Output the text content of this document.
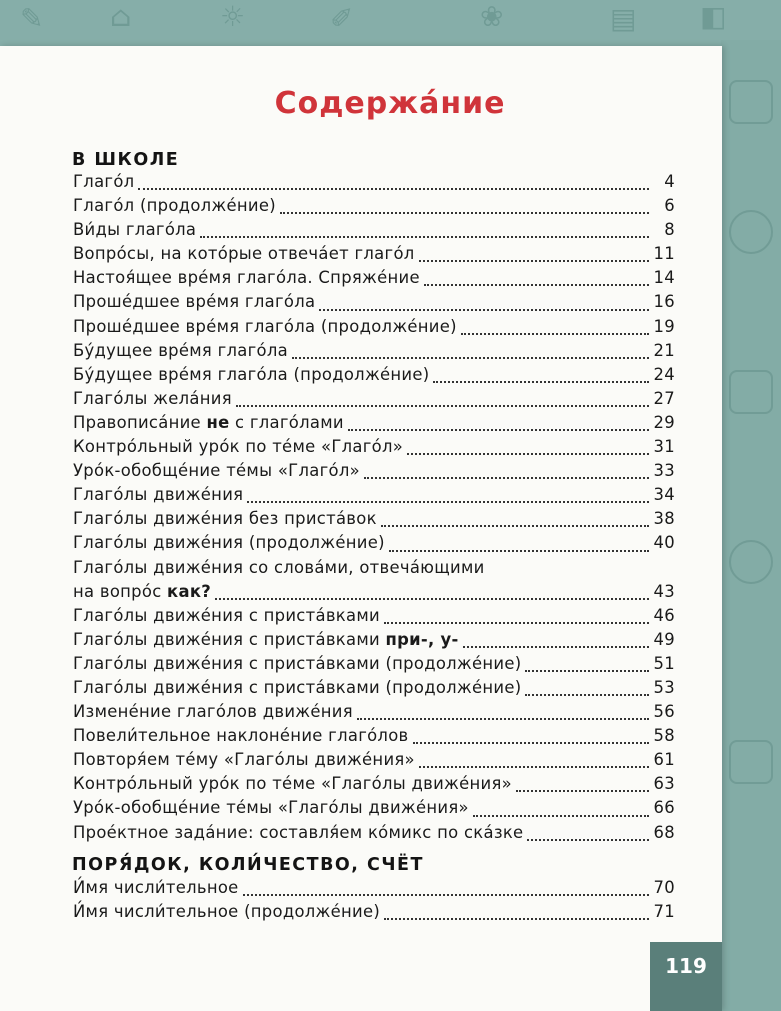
✎ ⌂	☼	✐	❀	▤ ◧
Содержáние
В ШКОЛЕ
Глагóл	4
Глагóл (продолжéние)	6
Ви́ды глагóла	8
Вопрóсы, на котóрые отвечáет глагóл	11
Настоя́щее врéмя глагóла. Спряжéние	14
Прошéдшее врéмя глагóла	16
Прошéдшее врéмя глагóла (продолжéние)	19
Бу́дущее врéмя глагóла	21
Бу́дущее врéмя глагóла (продолжéние)	24
Глагóлы желáния	27
Правописáние не с глагóлами	29
Контрóльный урóк по тéме «Глагóл»	31
Урóк-обобщéние тéмы «Глагóл»	33
Глагóлы движéния	34
Глагóлы движéния без пристáвок	38
Глагóлы движéния (продолжéние)	40
Глагóлы движéния со словáми, отвечáющими
на вопрóс как?	43
Глагóлы движéния с пристáвками	46
Глагóлы движéния с пристáвками при-, у-	49
Глагóлы движéния с пристáвками (продолжéние)	51
Глагóлы движéния с пристáвками (продолжéние)	53
Изменéние глагóлов движéния	56
Повели́тельное наклонéние глагóлов	58
Повторя́ем тéму «Глагóлы движéния»	61
Контрóльный урóк по тéме «Глагóлы движéния»	63
Урóк-обобщéние тéмы «Глагóлы движéния»	66
Проéктное задáние: составля́ем кóмикс по скáзке	68
ПОРЯ́ДОК, КОЛИ́ЧЕСТВО, СЧЁТ
И́мя числи́тельное	70
И́мя числи́тельное (продолжéние)	71
119
